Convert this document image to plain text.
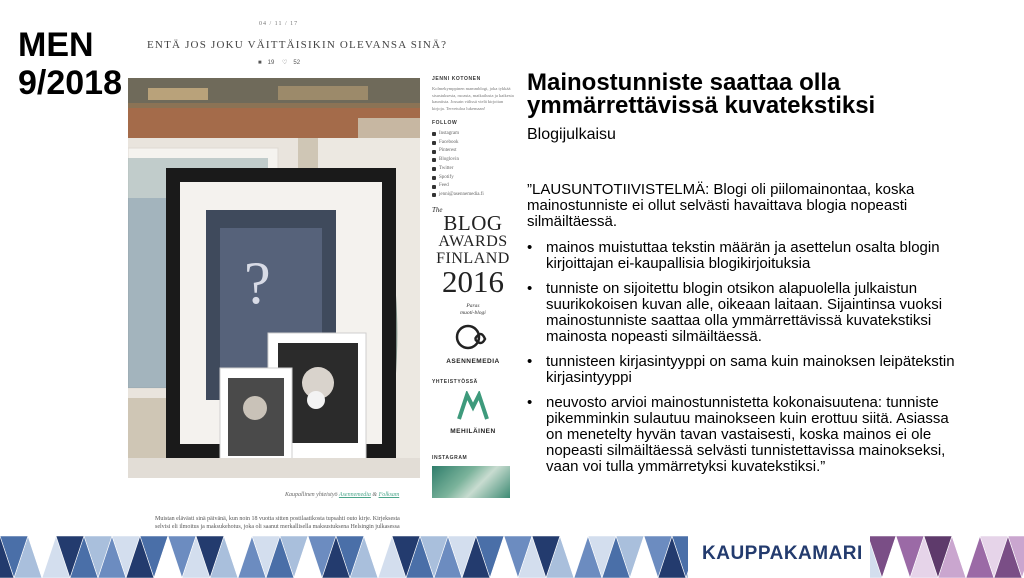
MEN
9/2018
04 / 11 / 17
ENTÄ JOS JOKU VÄITTÄISIKIN OLEVANSA SINÄ?
■ 19 ♡ 52
?
Kaupallinen yhteistyö Asennemedia & Folksam
Muistan elävästi sinä päivänä, kun noin 18 vuotta sitten postilaatikosta tupsahti outo kirje. Kirjeksesta selvisi eli ilmoitus ja maksukehotus, joka oli saanut merkallisella maksustuksena Helsingin julkasessa
JENNI KOTONEN
Kolmekymppinen mammblogi, joka tykkää sisustuksesta, ruoasta, matkailusta ja kaikesta kauniista. Jossain välissä vielä kirjoitan kirjoja. Tervetuloa lukemaan!
FOLLOW
Instagram
Facebook
Pinterest
Bloglovin
Twitter
Spotify
Feed
jenni@asennemedia.fi
The
BLOG
AWARDS
FINLAND
2016
Paras
muoti-blogi
ASENNEMEDIA
YHTEISTYÖSSÄ
MEHILÄINEN
INSTAGRAM
Mainostunniste saattaa olla ymmärrettävissä kuvatekstiksi
Blogijulkaisu
”LAUSUNTOTIIVISTELMÄ: Blogi oli piilomainontaa, koska mainostunniste ei ollut selvästi havaittava blogia nopeasti silmäiltäessä.
• mainos muistuttaa tekstin määrän ja asettelun osalta blogin kirjoittajan ei-kaupallisia blogikirjoituksia
• tunniste on sijoitettu blogin otsikon alapuolella julkaistun suurikokoisen kuvan alle, oikeaan laitaan. Sijaintinsa vuoksi mainostunniste saattaa olla ymmärrettävissä kuvatekstiksi mainosta nopeasti silmäiltäessä.
• tunnisteen kirjasintyyppi on sama kuin mainoksen leipätekstin kirjasintyyppi
• neuvosto arvioi mainostunnistetta kokonaisuutena: tunniste pikemminkin sulautuu mainokseen kuin erottuu siitä. Asiassa on menetelty hyvän tavan vastaisesti, koska mainos ei ole nopeasti silmäiltäessä selvästi tunnistettavissa mainokseksi, vaan voi tulla ymmärretyksi kuvatekstiksi.”
KAUPPAKAMARI
